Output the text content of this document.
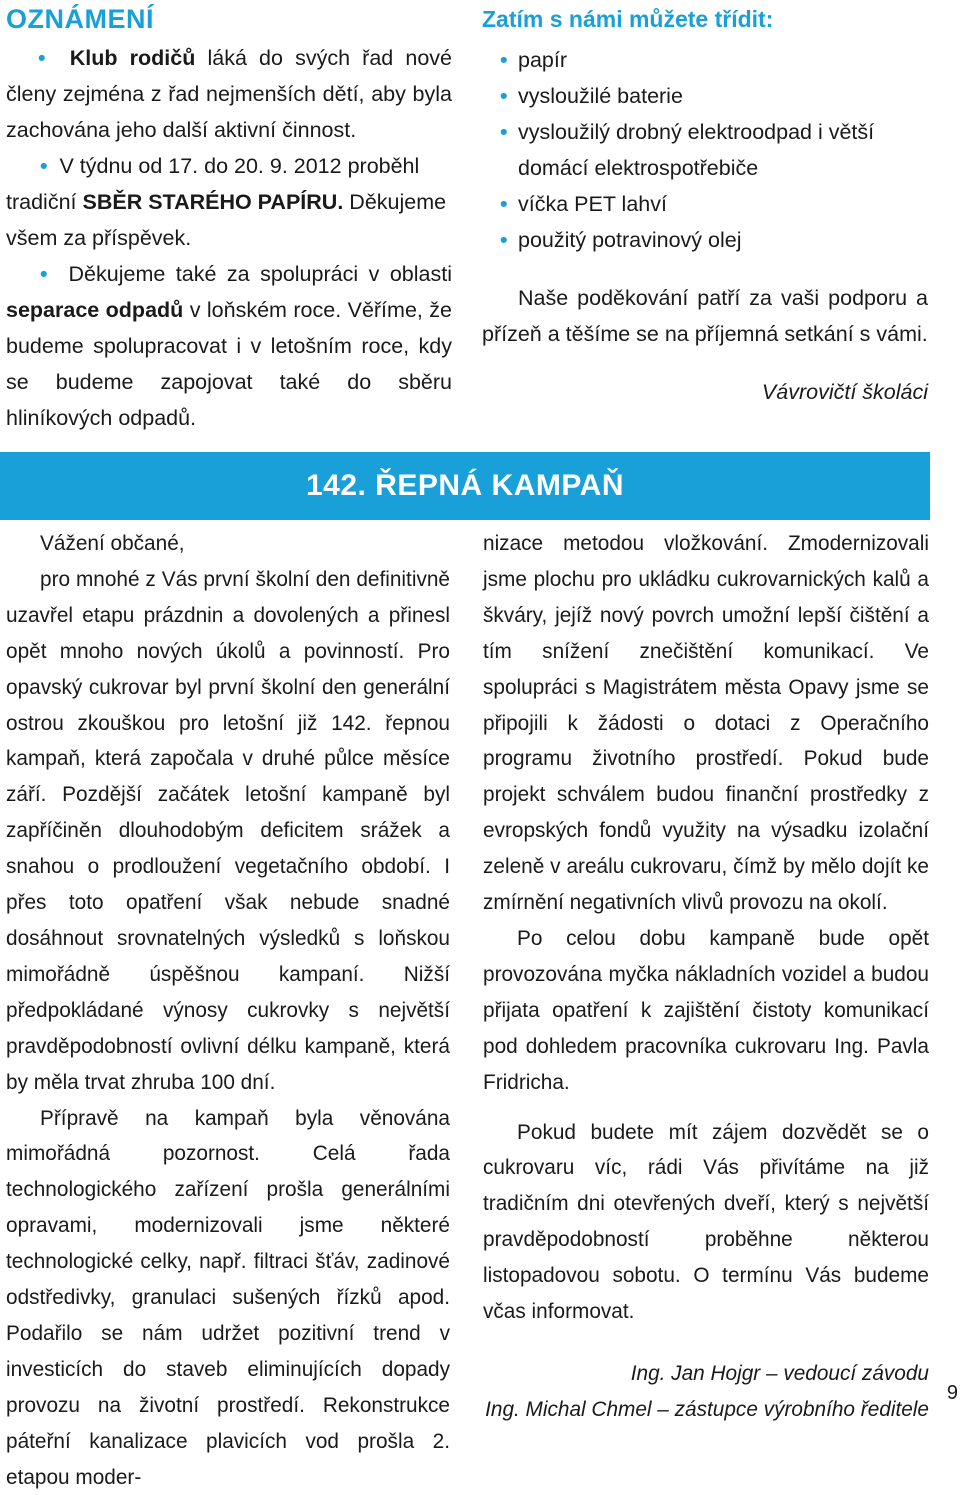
OZNÁMENÍ
• Klub rodičů láká do svých řad nové členy zejména z řad nejmenších dětí, aby byla zachována jeho další aktivní činnost.
• V týdnu od 17. do 20. 9. 2012 proběhl tradiční SBĚR STARÉHO PAPÍRU. Děkujeme všem za příspěvek.
• Děkujeme také za spolupráci v oblasti separace odpadů v loňském roce. Věříme, že budeme spolupracovat i v letošním roce, kdy se budeme zapojovat také do sběru hliníkových odpadů.
Zatím s námi můžete třídit:
• papír
• vysloužilé baterie
• vysloužilý drobný elektroodpad i větší domácí elektrospotřebiče
• víčka PET lahví
• použitý potravinový olej
Naše poděkování patří za vaši podporu a přízeň a těšíme se na příjemná setkání s vámi.
Vávrovičtí školáci
142. ŘEPNÁ KAMPAŇ
Vážení občané,

pro mnohé z Vás první školní den definitivně uzavřel etapu prázdnin a dovolených a přinesl opět mnoho nových úkolů a povinností. Pro opavský cukrovar byl první školní den generální ostrou zkouškou pro letošní již 142. řepnou kampaň, která započala v druhé půlce měsíce září. Pozdější začátek letošní kampaně byl zapříčiněn dlouhodobým deficitem srážek a snahou o prodloužení vegetačního období. I přes toto opatření však nebude snadné dosáhnout srovnatelných výsledků s loňskou mimořádně úspěšnou kampaní. Nižší předpokládané výnosy cukrovky s největší pravděpodobností ovlivní délku kampaně, která by měla trvat zhruba 100 dní.

Přípravě na kampaň byla věnována mimořádná pozornost. Celá řada technologického zařízení prošla generálními opravami, modernizovali jsme některé technologické celky, např. filtraci šťáv, zadinové odstředivky, granulaci sušených řízků apod. Podařilo se nám udržet pozitivní trend v investicích do staveb eliminujících dopady provozu na životní prostředí. Rekonstrukce páteřní kanalizace plavicích vod prošla 2. etapou moder-

nizace metodou vložkování. Zmodernizovali jsme plochu pro ukládku cukrovarnických kalů a škváry, jejíž nový povrch umožní lepší čištění a tím snížení znečištění komunikací. Ve spolupráci s Magistrátem města Opavy jsme se připojili k žádosti o dotaci z Operačního programu životního prostředí. Pokud bude projekt schválem budou finanční prostředky z evropských fondů využity na výsadku izolační zeleně v areálu cukrovaru, čímž by mělo dojít ke zmírnění negativních vlivů provozu na okolí.

Po celou dobu kampaně bude opět provozována myčka nákladních vozidel a budou přijata opatření k zajištění čistoty komunikací pod dohledem pracovníka cukrovaru Ing. Pavla Fridricha.

Pokud budete mít zájem dozvědět se o cukrovaru víc, rádi Vás přivítáme na již tradičním dni otevřených dveří, který s největší pravděpodobností proběhne některou listopadovou sobotu. O termínu Vás budeme včas informovat.

Ing. Jan Hojgr – vedoucí závodu
Ing. Michal Chmel – zástupce výrobního ředitele
9
